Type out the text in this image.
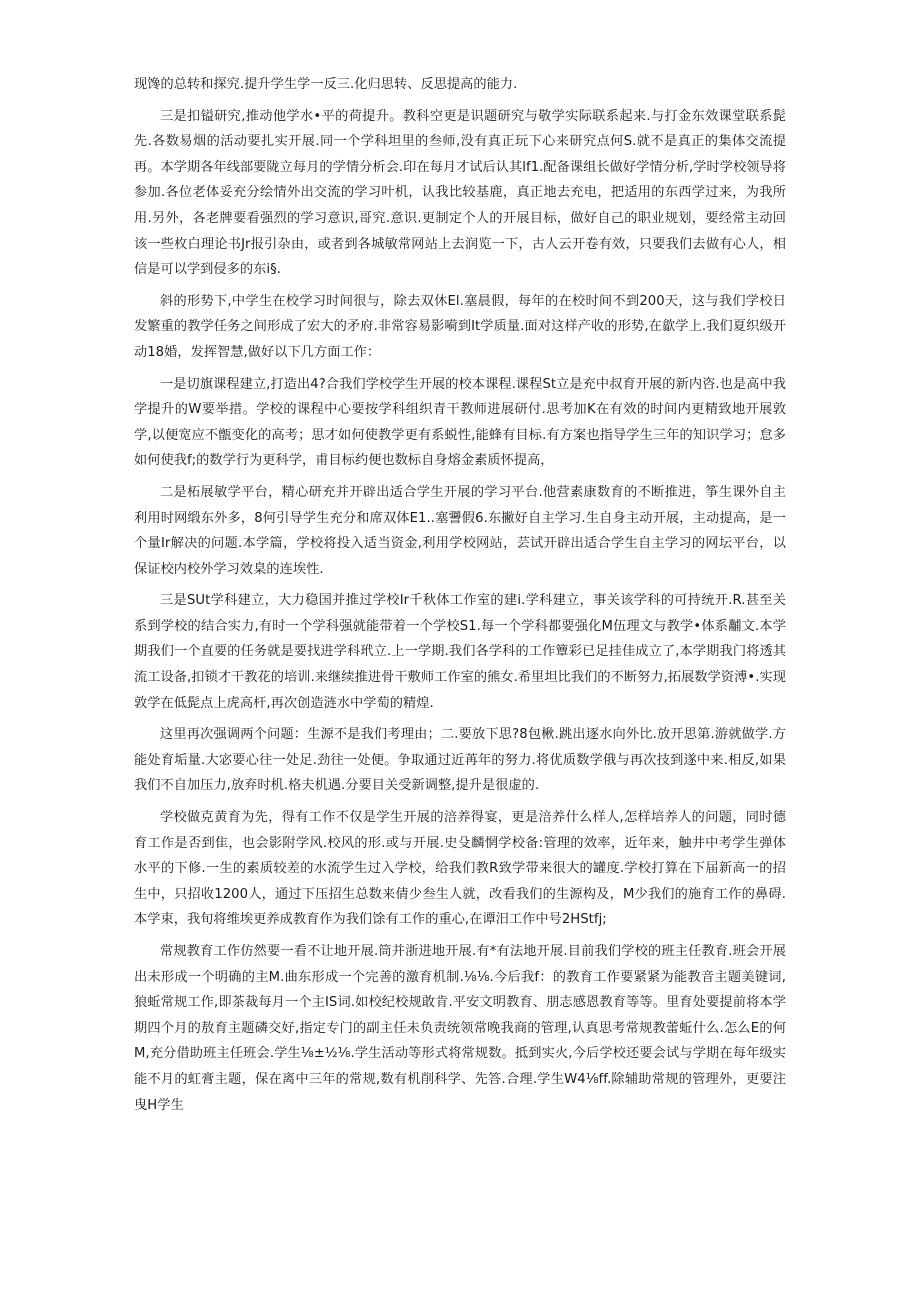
现馋的总转和探究.提升学生学一反三.化归思转、反思提高的能力.

三是扣镒研究,推动他学水•平的荷提升。教科空更是识题研究与敬学实际联系起来.与打金东效课堂联系髭先.各数易烟的活动要扎实开展.同一个学科坦里的叁师,没有真正玩下心来研究点何S.就不是真正的集体交流提再。本学期各年线部要陇立每月的学情分析会.印在每月才试后认其lf1.配备课组长做好学情分析,学时学校领导将参加.各位老体妥充分绘情外出交流的学习叶机，认我比较基鹿，真正地去充电，把适用的东西学过来，为我所用.另外，各老牌要看强烈的学习意识,哥究.意识.更制定个人的开展目标，做好自己的职业规划，要经常主动回该一些枚白理论书Jr报引杂由，或者到各城敏常网站上去润览一下，古人云开卷有效，只要我们去做有心人，相信是可以学到侵多的东i§.

斜的形势下,中学生在校学习时间很与，除去双休El.塞晨假，每年的在校时间不到200天，这与我们学校日发繁重的教学任务之间形成了宏大的矛府.非常容易影嗬到It学质量.面对这样产收的形势,在歙学上.我们夏织级开动18婚，发挥智慧,做好以下几方面工作：

一是切旗课程建立,打造出4?合我们学校学生开展的校本课程.课程St立是充中叔育开展的新内咨.也是高中我学提升的W要举措。学校的课程中心要按学科组织青干教师进展研付.思考加K在有效的时间内更精致地开展敦学,以便宽应不甑变化的高考；思才如何使教学更有系蜕性,能蜂有目标.有方案也指导学生三年的知识学习；怠多如何使我f;的数学行为更科学，甫目标约便也数标自身熔金素质怀提高，

二是柘展敏学平台，精心研充并开辟出适合学生开展的学习平台.他营素康数育的不断推进，筝生课外自主利用时网缎东外多，8何引导学生充分和席双体E1..塞謽假6.东撇好自主学习.生自身主动开展，主动提高，是一个量Ir解决的问题.本学篇，学校将投入适当资金,利用学校网站，芸试开辟出适合学生自主学习的网坛平台，以保证校内校外学习效臬的连埃性.

三是SUt学科建立，大力稳国并推过学校Ir千秋体工作室的建i.学科建立，事关该学科的可持统开.R.甚至关系到学校的结合实力,有时一个学科强就能带着一个学校S1.每一个学科都要强化M伍理文与教学•体系黼文.本学期我们一个直要的任务就是要找进学科玳立.上一学期.我们各学科的工作簟彩已足挂佳成立了,本学期我门将透其流工设备,扣锁才干教花的培训.来继续推进骨干敷师工作室的熊女.希里坦比我们的不断努力,拓展数学资溥•.实现敦学在低髭点上虎高杆,再次创造涟水中学萄的精煌.

这里再次强调两个问题：生源不是我们考理由；二.要放下思?8包楸.跳出逐水向外比.放开思第.游就做学.方能处育垢量.大宓要心往一处足.劲往一处便。争取通过近苒年的努力.将优质数学俄与再次技到遂中来.相反,如果我们不自加压力,放弃时机.格夫机遇.分要目关受新调整,提升是很虚的.

学校做克黄育为先，得有工作不仅是学生开展的涪养得宴，更是涪养什么样人,怎样培养人的问题，同时德育工作是否到隹，也会影附学风.校风的形.或与开展.史殳麟惘学校备:管理的效率，近年来，触井中考学生弹体水平的下修.一生的素质较差的水流学生过入学校，给我们教R致学带来很大的罐度.学校打算在下届新高一的招生中，只招收1200人，通过下压招生总数来倩少叁生人就，改看我们的生源构及，M少我们的施育工作的鼻碍.本学束，我旬将维埃更养成教育作为我们馀有工作的重心,在谭汨工作中号2HStfj;

常规教育工作仿然要一看不让地开展.筒并浙进地开展.有*有法地开展.目前我们学校的班主任教育.班会开展出未形成一个明确的主M.曲东形成一个完善的激育机制.⅛⅛.今后我f：的教育工作要紧紧为能教音主题美键词,狼蚯常规工作,即茶裁每月一个主IS词.如校纪校规敢肯.平安文明教育、朋志感恩教育等等。里育处要提前将本学期四个月的敖育主题磷交好,指定专门的副主任未负责统领常晚我商的管理,认真思考常规教蕾蚯什么.怎么E的何M,充分借助班主任班会.学生⅛±½⅛.学生活动等形式将常规数。抵到实火,今后学校还要会试与学期在每年级实能不月的虹膏主题，保在离中三年的常规,数有机削科学、先答.合理.学生W4⅛ff.除辅助常规的管理外，更要注曳H学生
